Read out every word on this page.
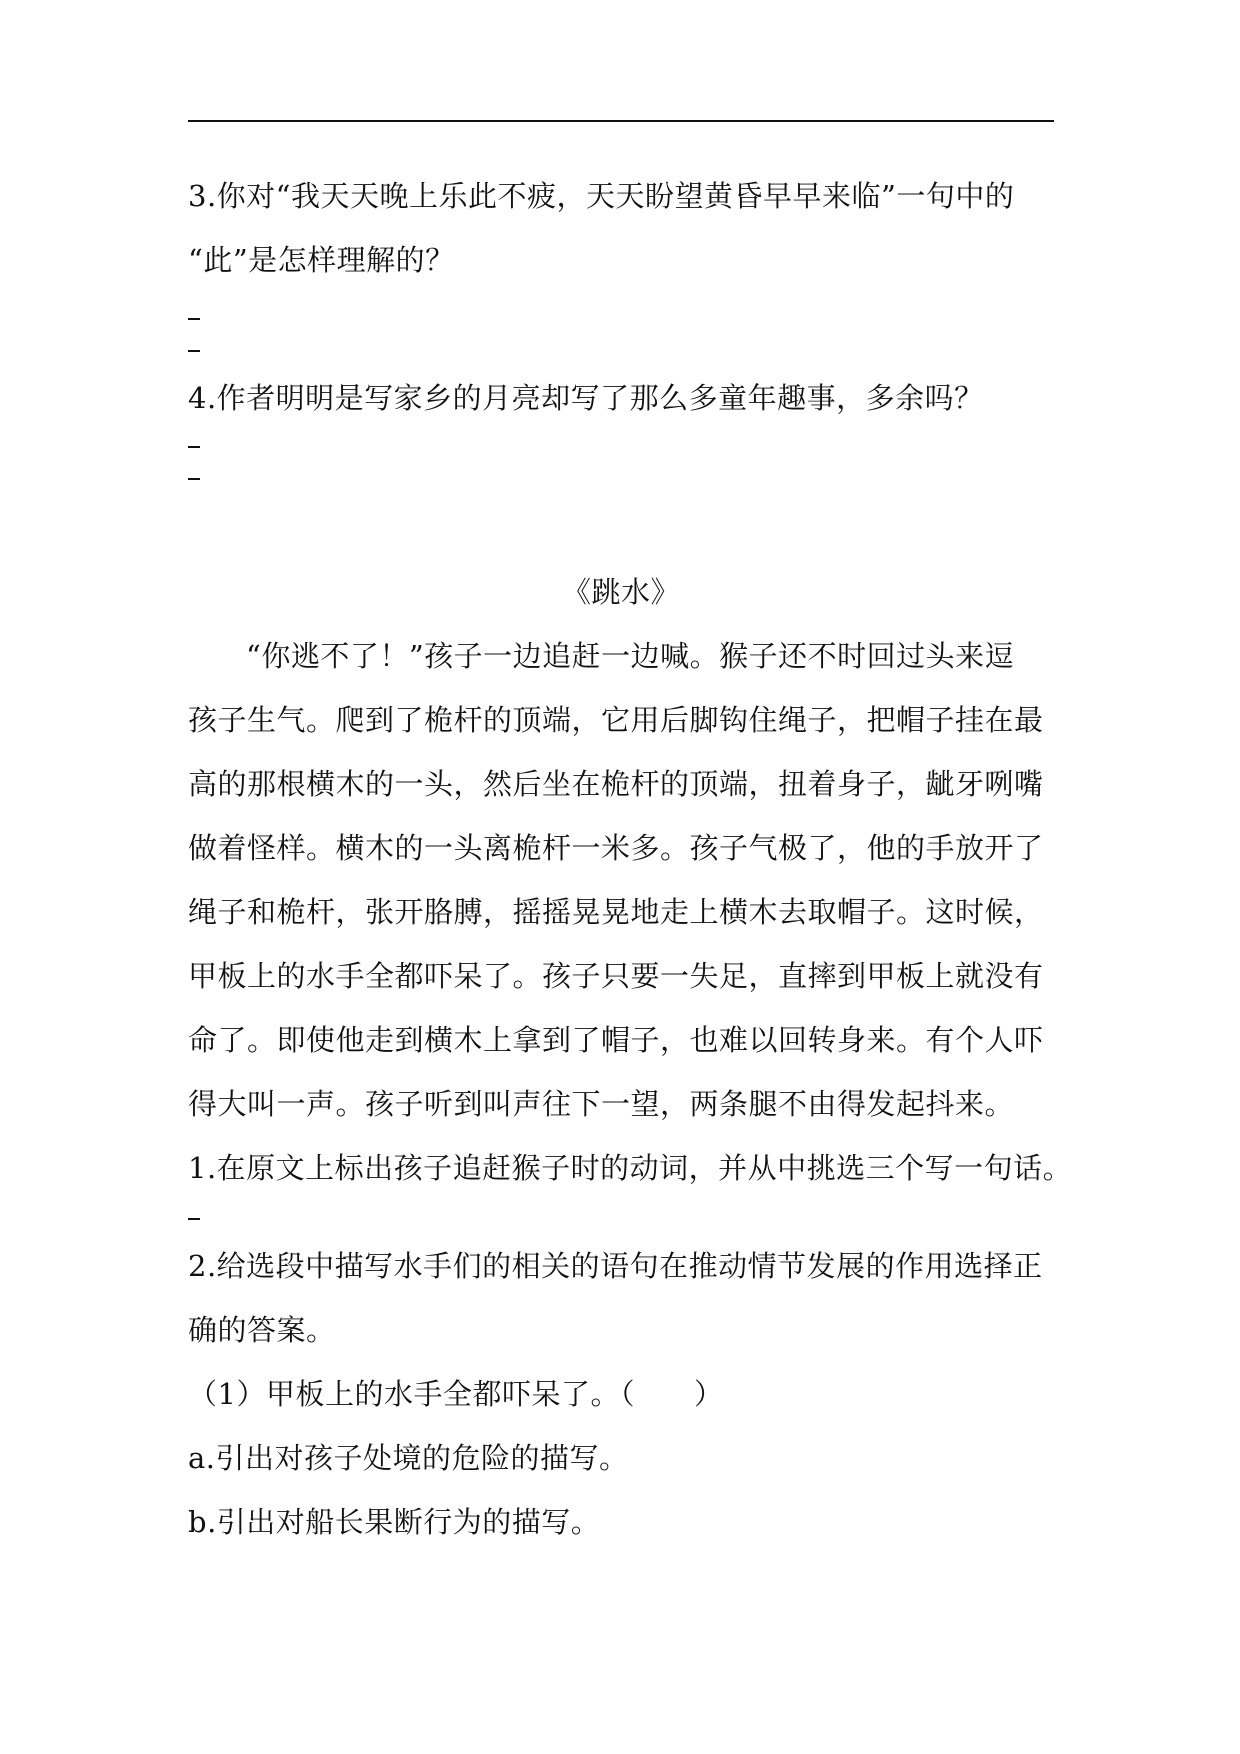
3.你对“我天天晚上乐此不疲，天天盼望黄昏早早来临”一句中的
“此”是怎样理解的？
4.作者明明是写家乡的月亮却写了那么多童年趣事，多余吗？
《跳水》
“你逃不了！”孩子一边追赶一边喊。猴子还不时回过头来逗
孩子生气。爬到了桅杆的顶端，它用后脚钩住绳子，把帽子挂在最
高的那根横木的一头，然后坐在桅杆的顶端，扭着身子，龇牙咧嘴
做着怪样。横木的一头离桅杆一米多。孩子气极了，他的手放开了
绳子和桅杆，张开胳膊，摇摇晃晃地走上横木去取帽子。这时候，
甲板上的水手全都吓呆了。孩子只要一失足，直摔到甲板上就没有
命了。即使他走到横木上拿到了帽子，也难以回转身来。有个人吓
得大叫一声。孩子听到叫声往下一望，两条腿不由得发起抖来。
1.在原文上标出孩子追赶猴子时的动词，并从中挑选三个写一句话。
2.给选段中描写水手们的相关的语句在推动情节发展的作用选择正
确的答案。
（1）甲板上的水手全都吓呆了。（　　）
a.引出对孩子处境的危险的描写。
b.引出对船长果断行为的描写。
